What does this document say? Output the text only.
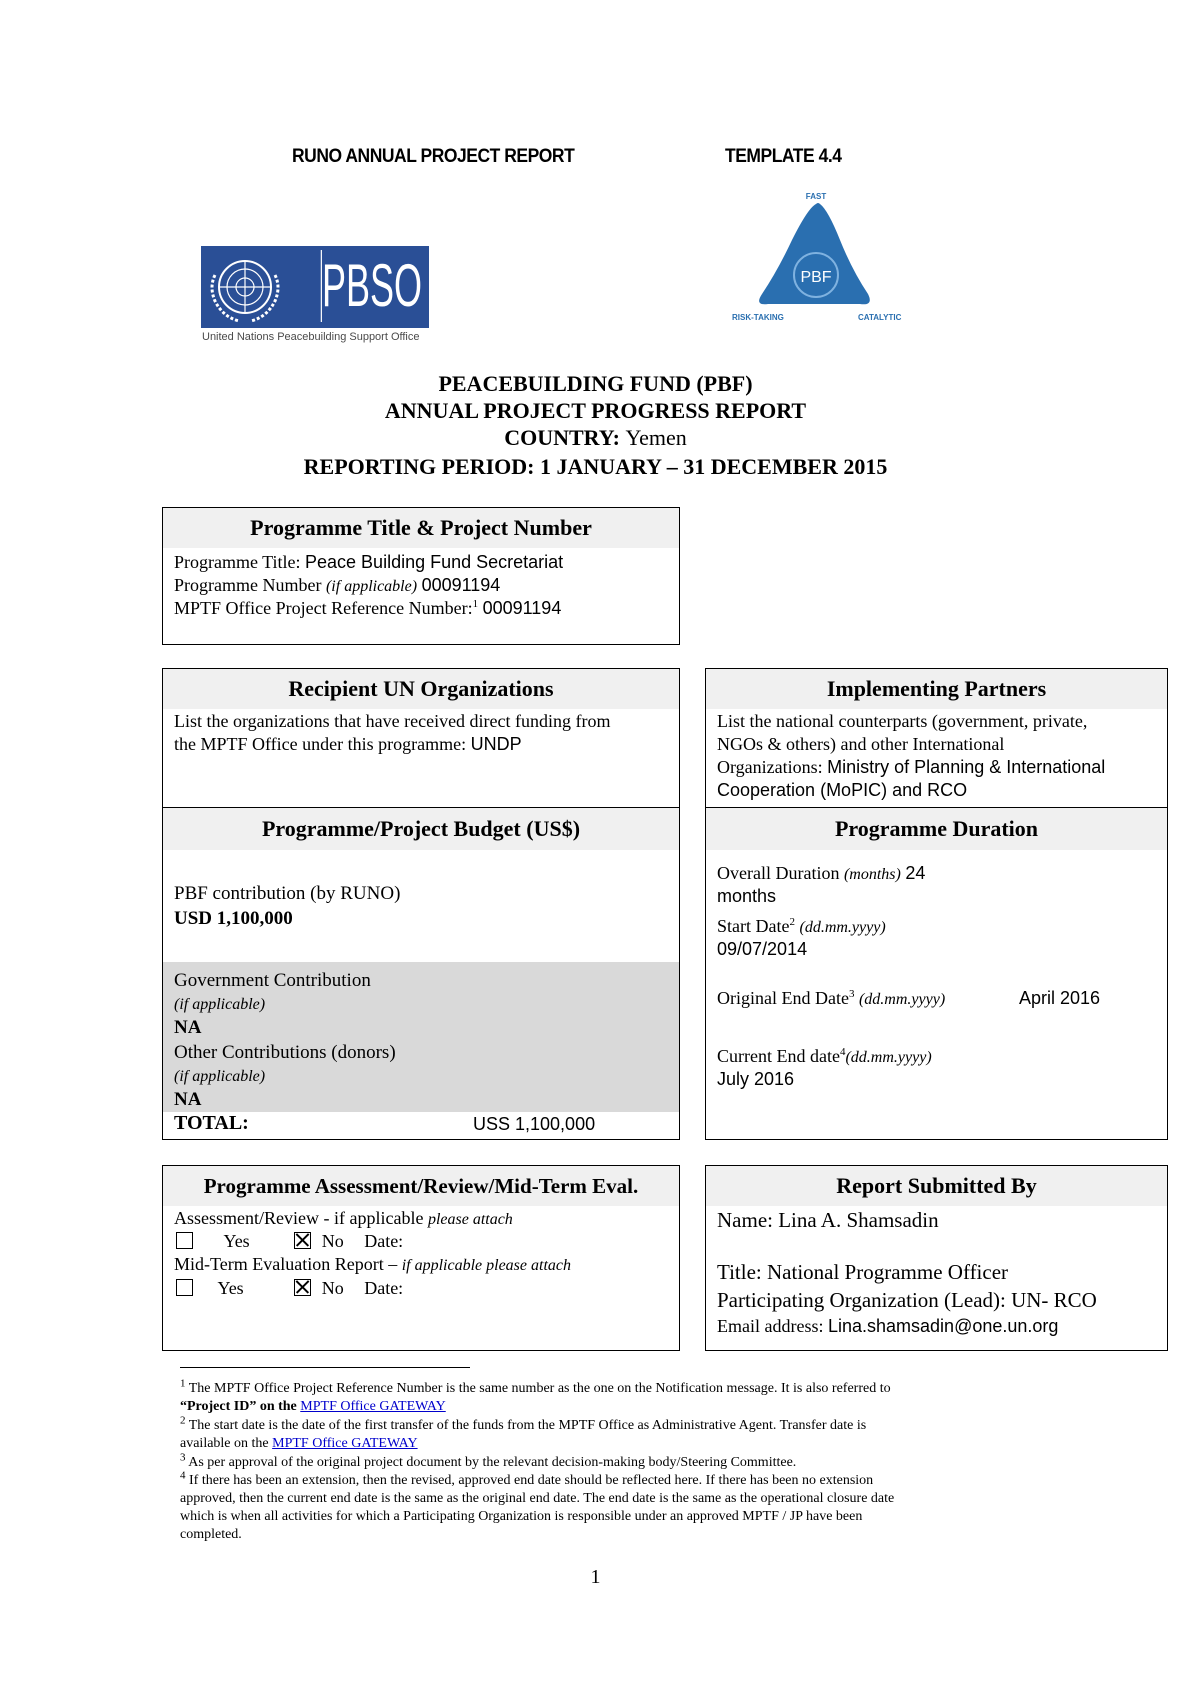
RUNO ANNUAL PROJECT REPORT	TEMPLATE 4.4
PBSO
United Nations Peacebuilding Support Office
PBF
FAST
RISK-TAKING	CATALYTIC
PEACEBUILDING FUND (PBF)
ANNUAL PROJECT PROGRESS REPORT
COUNTRY: Yemen
REPORTING PERIOD: 1 JANUARY – 31 DECEMBER 2015
Programme Title & Project Number
Programme Title: Peace Building Fund Secretariat
Programme Number (if applicable) 00091194
MPTF Office Project Reference Number:$^1$ 00091194
Recipient UN Organizations
List the organizations that have received direct funding from
the MPTF Office under this programme: UNDP
Implementing Partners
List the national counterparts (government, private,
NGOs & others) and other International
Organizations: Ministry of Planning & International
Cooperation (MoPIC) and RCO
Programme/Project Budget (US$)
PBF contribution (by RUNO)
USD 1,100,000
Government Contribution
(if applicable)
NA
Other Contributions (donors)
(if applicable)
NA
TOTAL:	USS 1,100,000
Programme Duration
Overall Duration (months) 24
months
Start Date$^2$ (dd.mm.yyyy)
09/07/2014
Original End Date$^3$ (dd.mm.yyyy)	April 2016
Current End date$^4$(dd.mm.yyyy)
July 2016
Programme Assessment/Review/Mid-Term Eval.
Assessment/Review - if applicable please attach
Yes	No Date:
Mid-Term Evaluation Report – if applicable please attach
Yes	No Date:
Report Submitted By
Name: Lina A. Shamsadin
Title: National Programme Officer
Participating Organization (Lead): UN- RCO
Email address: Lina.shamsadin@one.un.org
$^1$ The MPTF Office Project Reference Number is the same number as the one on the Notification message. It is also referred to
“Project ID” on the MPTF Office GATEWAY
$^2$ The start date is the date of the first transfer of the funds from the MPTF Office as Administrative Agent. Transfer date is
available on the MPTF Office GATEWAY
$^3$ As per approval of the original project document by the relevant decision-making body/Steering Committee.
$^4$ If there has been an extension, then the revised, approved end date should be reflected here. If there has been no extension
approved, then the current end date is the same as the original end date. The end date is the same as the operational closure date
which is when all activities for which a Participating Organization is responsible under an approved MPTF / JP have been
completed.
1
